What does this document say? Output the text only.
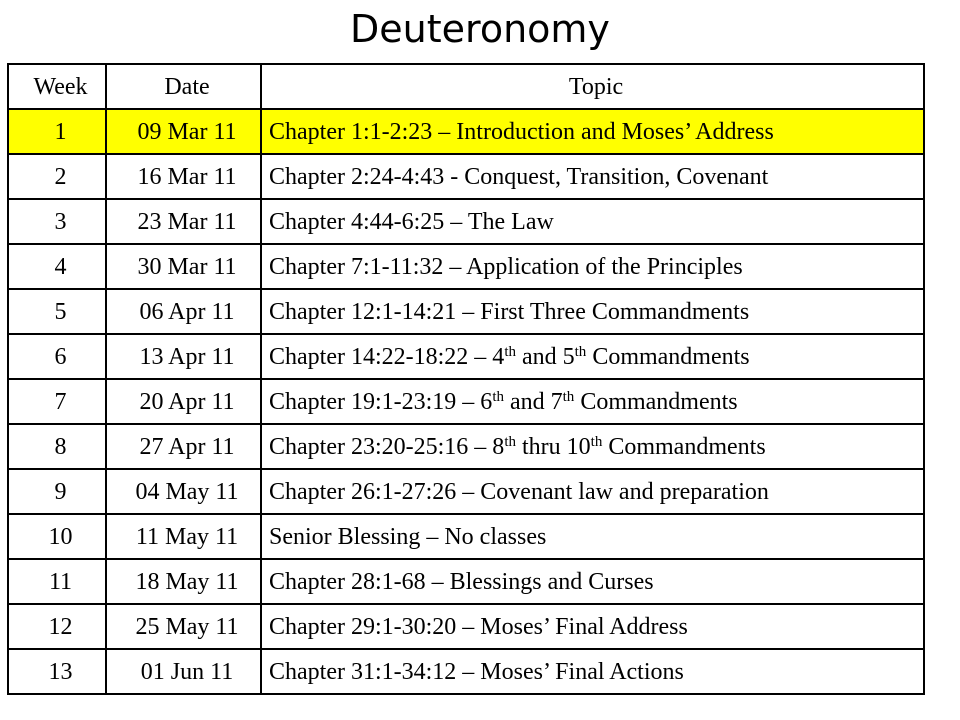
Deuteronomy
Week	Date	Topic
1	09 Mar 11	Chapter 1:1-2:23 – Introduction and Moses’ Address
2	16 Mar 11	Chapter 2:24-4:43 - Conquest, Transition, Covenant
3	23 Mar 11	Chapter 4:44-6:25 – The Law
4	30 Mar 11	Chapter 7:1-11:32 – Application of the Principles
5	06 Apr 11	Chapter 12:1-14:21 – First Three Commandments
6	13 Apr 11	Chapter 14:22-18:22 – 4th and 5th Commandments
7	20 Apr 11	Chapter 19:1-23:19 – 6th and 7th Commandments
8	27 Apr 11	Chapter 23:20-25:16 – 8th thru 10th Commandments
9	04 May 11	Chapter 26:1-27:26 – Covenant law and preparation
10	11 May 11	Senior Blessing – No classes
11	18 May 11	Chapter 28:1-68 – Blessings and Curses
12	25 May 11	Chapter 29:1-30:20 – Moses’ Final Address
13	01 Jun 11	Chapter 31:1-34:12 – Moses’ Final Actions
